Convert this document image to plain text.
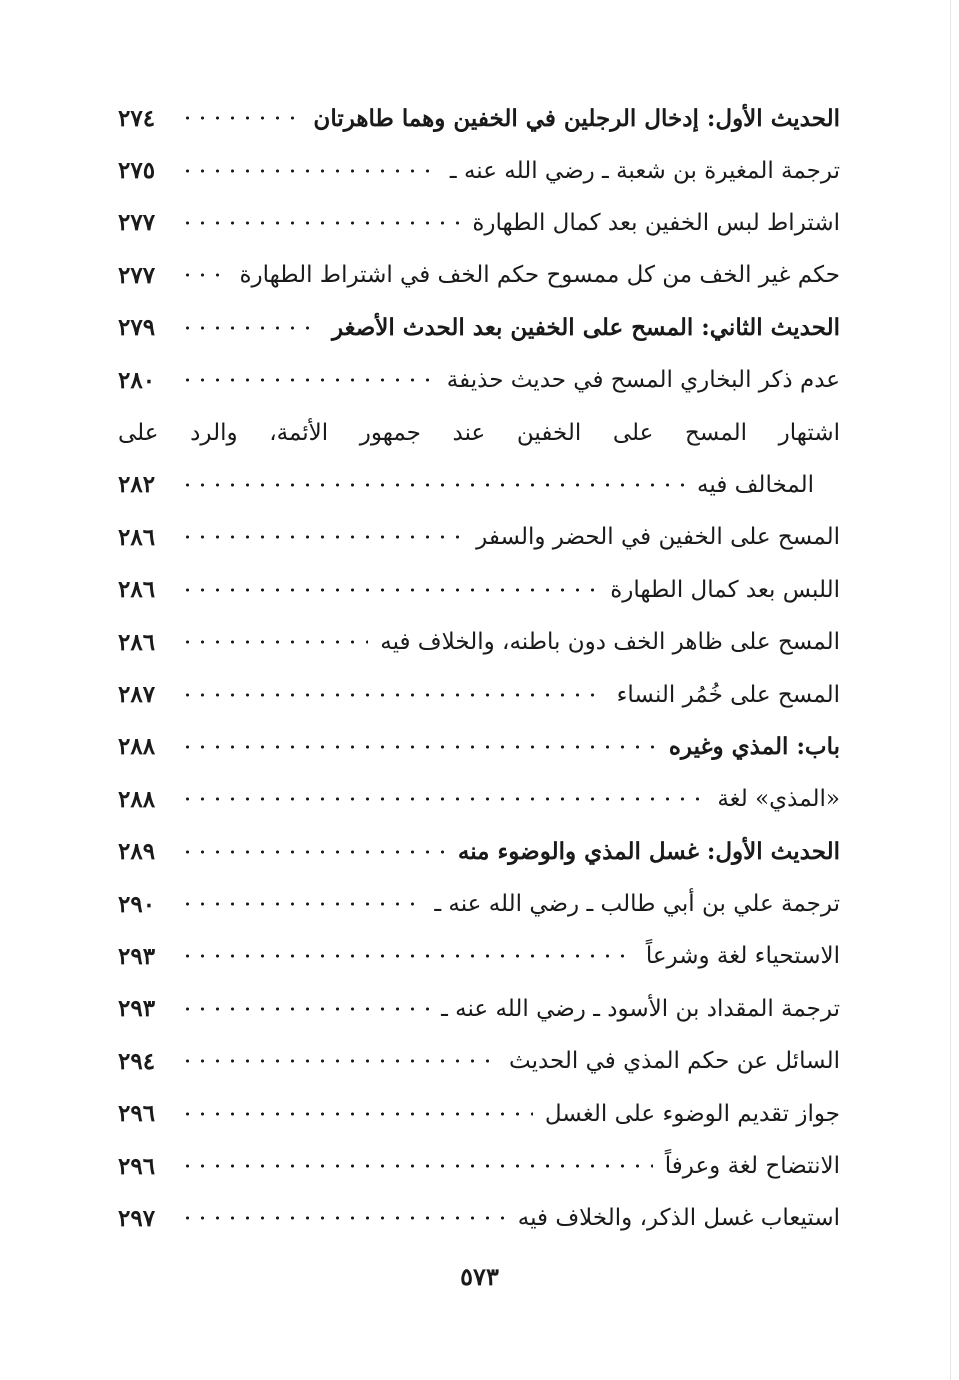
الحديث الأول: إدخال الرجلين في الخفين وهما طاهرتان
٢٧٤
ترجمة المغيرة بن شعبة ـ رضي الله عنه ـ
٢٧٥
اشتراط لبس الخفين بعد كمال الطهارة
٢٧٧
حكم غير الخف من كل ممسوح حكم الخف في اشتراط الطهارة
٢٧٧
الحديث الثاني: المسح على الخفين بعد الحدث الأصغر
٢٧٩
عدم ذكر البخاري المسح في حديث حذيفة
٢٨٠
اشتهار المسح على الخفين عند جمهور الأئمة، والرد على
المخالف فيه
٢٨٢
المسح على الخفين في الحضر والسفر
٢٨٦
اللبس بعد كمال الطهارة
٢٨٦
المسح على ظاهر الخف دون باطنه، والخلاف فيه
٢٨٦
المسح على خُمُر النساء
٢٨٧
باب: المذي وغيره
٢٨٨
«المذي» لغة
٢٨٨
الحديث الأول: غسل المذي والوضوء منه
٢٨٩
ترجمة علي بن أبي طالب ـ رضي الله عنه ـ
٢٩٠
الاستحياء لغة وشرعاً
٢٩٣
ترجمة المقداد بن الأسود ـ رضي الله عنه ـ
٢٩٣
السائل عن حكم المذي في الحديث
٢٩٤
جواز تقديم الوضوء على الغسل
٢٩٦
الانتضاح لغة وعرفاً
٢٩٦
استيعاب غسل الذكر، والخلاف فيه
٢٩٧
٥٧٣
